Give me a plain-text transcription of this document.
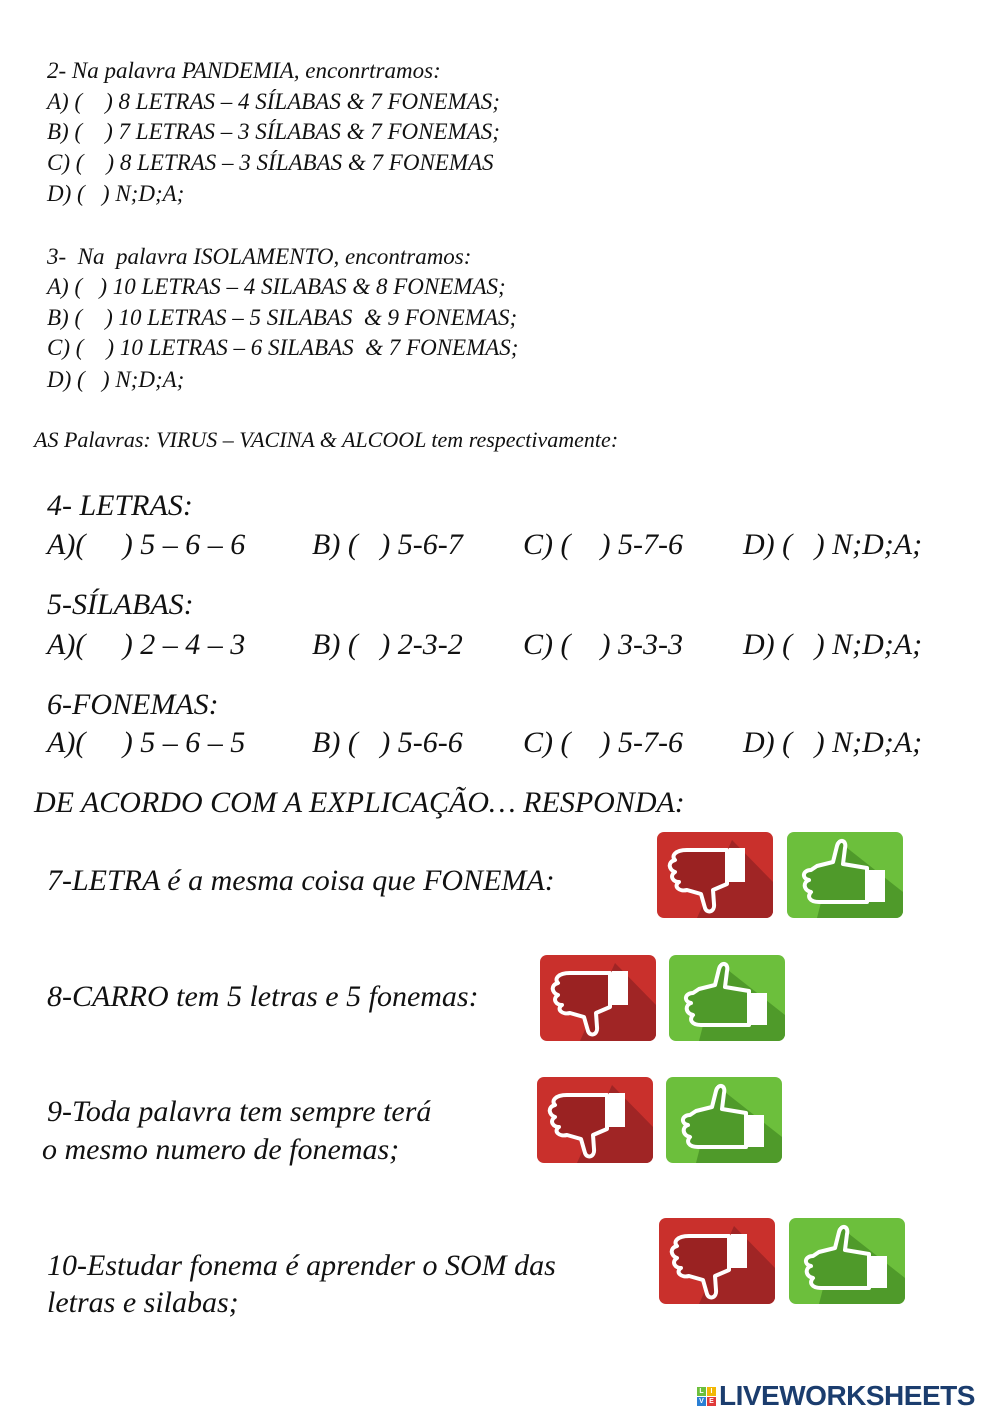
2- Na palavra PANDEMIA, enconrtramos:
A) (    ) 8 LETRAS – 4 SÍLABAS & 7 FONEMAS;
B) (    ) 7 LETRAS – 3 SÍLABAS & 7 FONEMAS;
C) (    ) 8 LETRAS – 3 SÍLABAS & 7 FONEMAS
D) (   ) N;D;A;
3-  Na  palavra ISOLAMENTO, encontramos:
A) (   ) 10 LETRAS – 4 SILABAS & 8 FONEMAS;
B) (    ) 10 LETRAS – 5 SILABAS  & 9 FONEMAS;
C) (    ) 10 LETRAS – 6 SILABAS  & 7 FONEMAS;
D) (   ) N;D;A;
AS Palavras: VIRUS – VACINA & ALCOOL tem respectivamente:
4- LETRAS:
A)(     ) 5 – 6 – 6 B) (   ) 5-6-7 C) (    ) 5-7-6 D) (   ) N;D;A;
5-SÍLABAS:
A)(     ) 2 – 4 – 3 B) (   ) 2-3-2 C) (    ) 3-3-3 D) (   ) N;D;A;
6-FONEMAS:
A)(     ) 5 – 6 – 5 B) (   ) 5-6-6 C) (    ) 5-7-6 D) (   ) N;D;A;
DE ACORDO COM A EXPLICAÇÃO… RESPONDA:
7-LETRA é a mesma coisa que FONEMA:
8-CARRO tem 5 letras e 5 fonemas:
9-Toda palavra tem sempre terá
o mesmo numero de fonemas;
10-Estudar fonema é aprender o SOM das
letras e silabas;
L I
V E LIVEWORKSHEETS
